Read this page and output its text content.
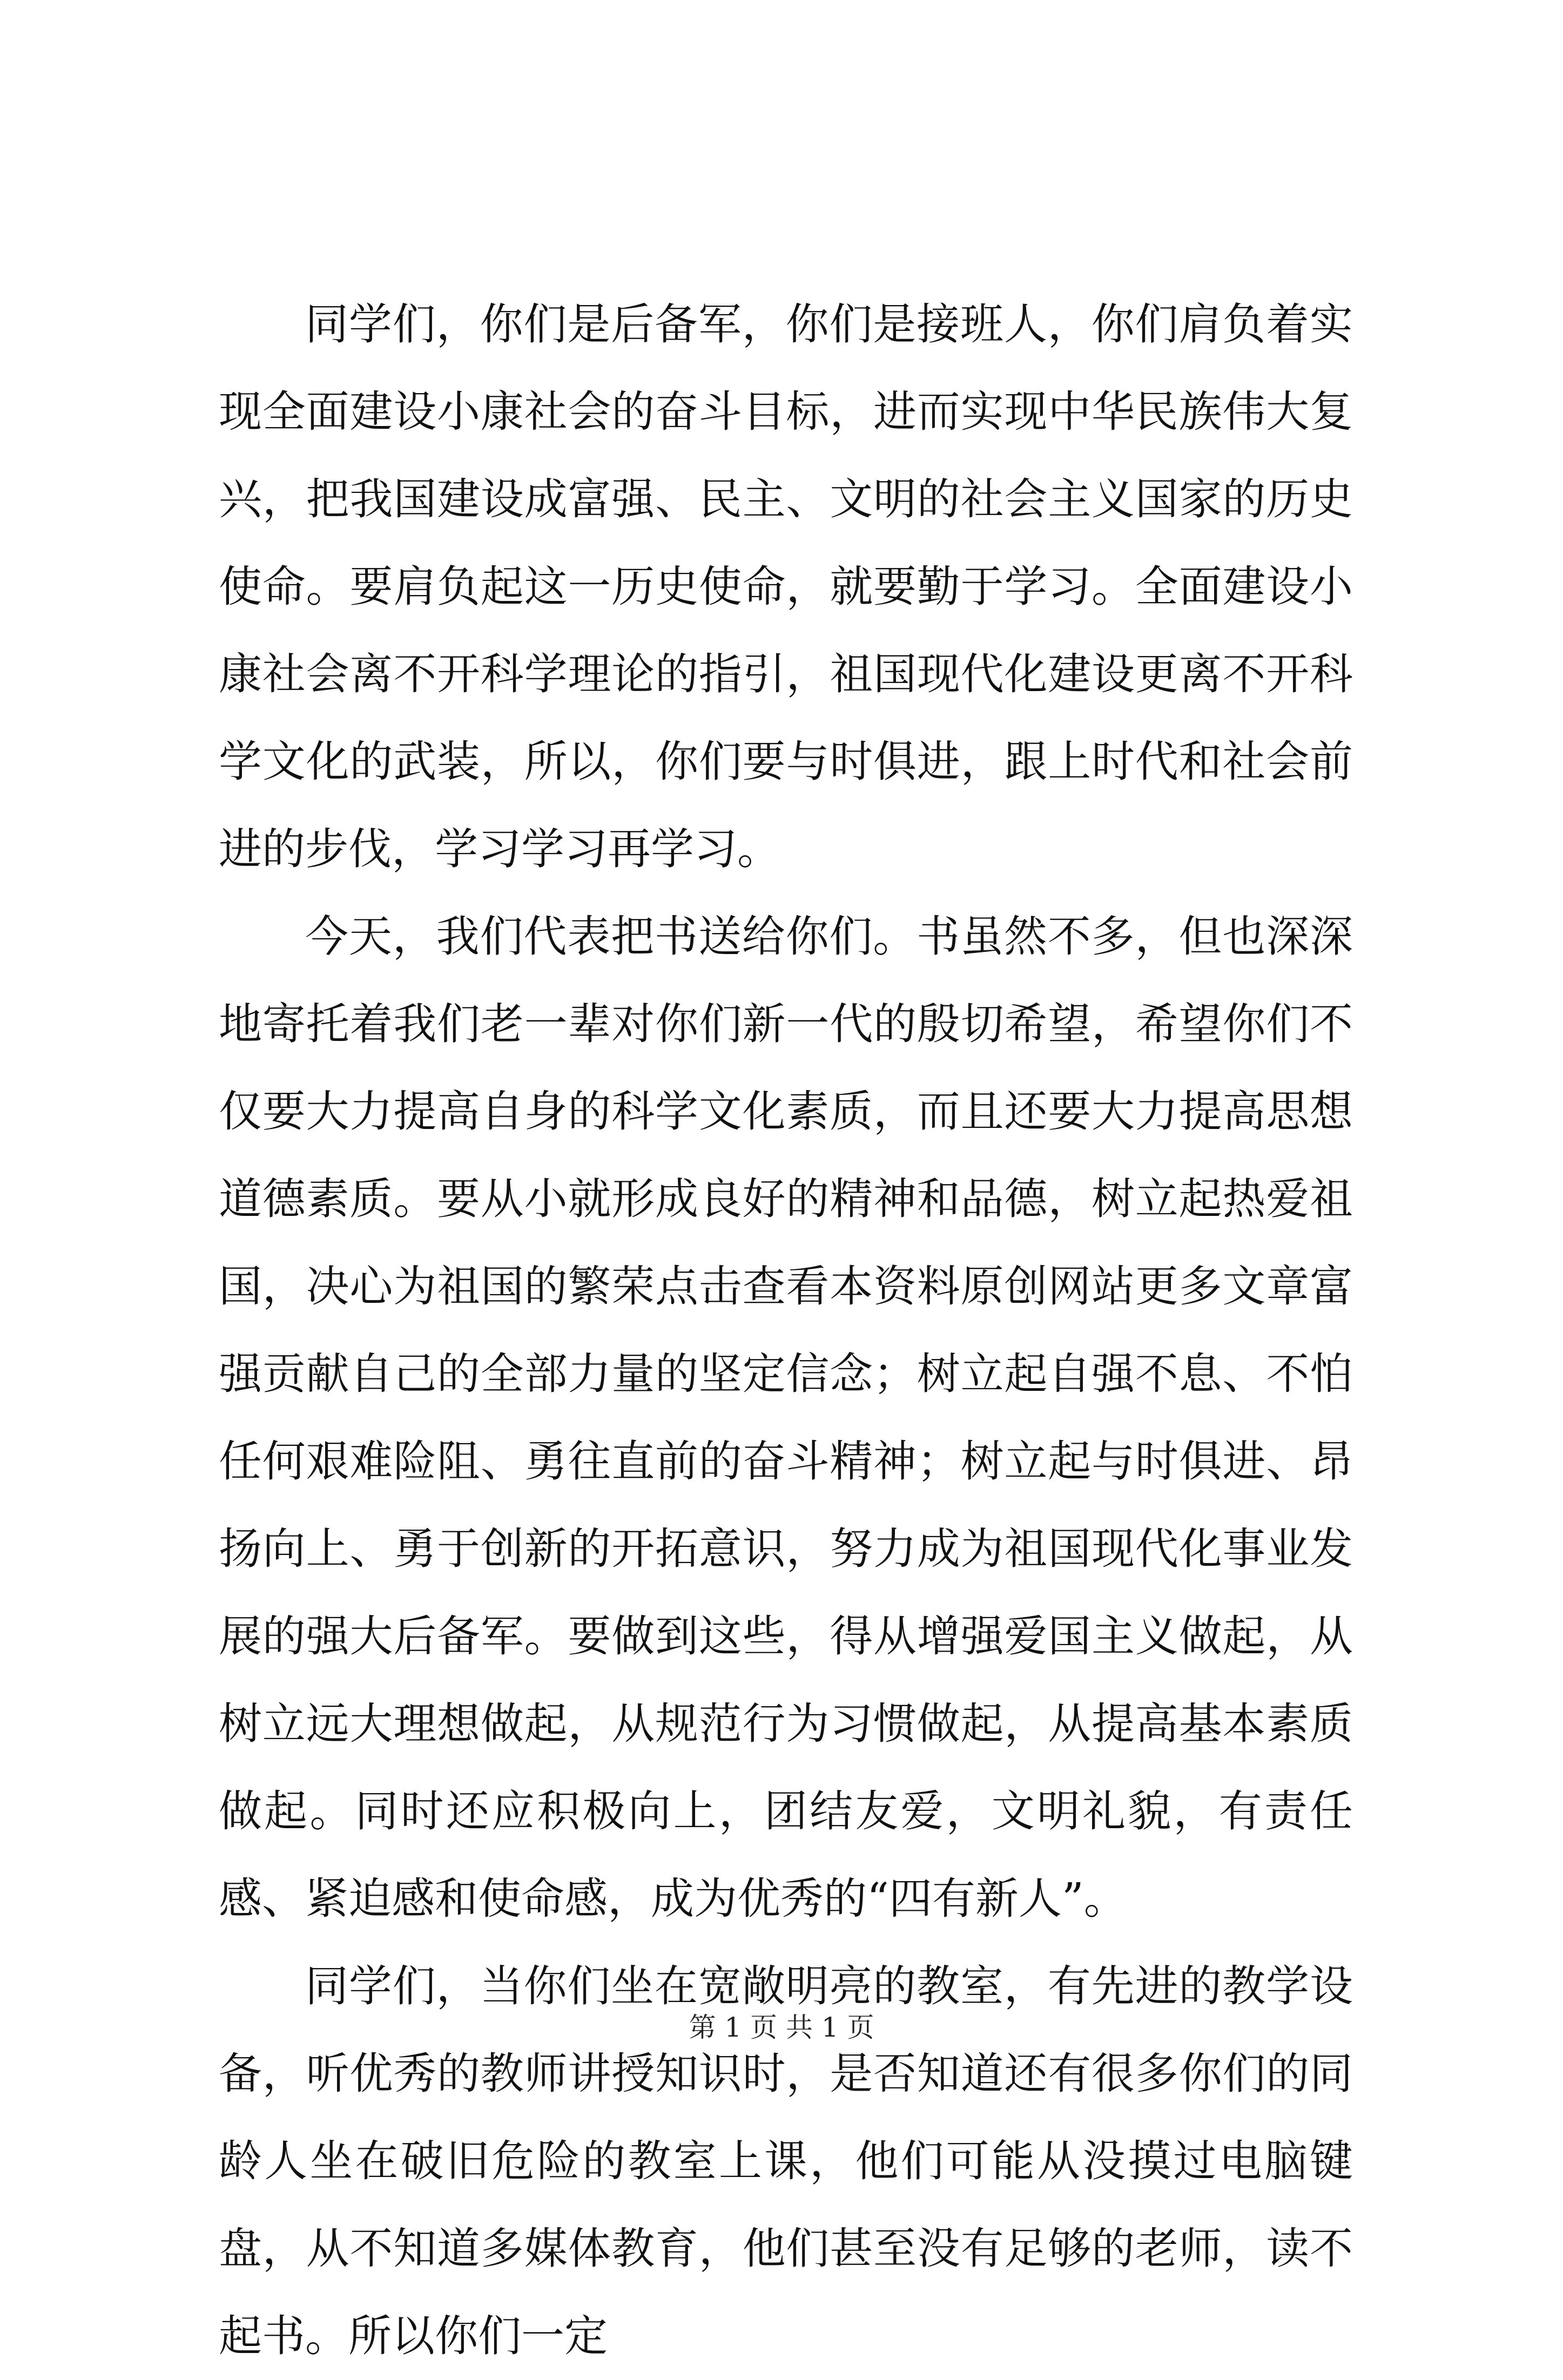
同学们，你们是后备军，你们是接班人，你们肩负着实现全面建设小康社会的奋斗目标，进而实现中华民族伟大复兴，把我国建设成富强、民主、文明的社会主义国家的历史使命。要肩负起这一历史使命，就要勤于学习。全面建设小康社会离不开科学理论的指引，祖国现代化建设更离不开科学文化的武装，所以，你们要与时俱进，跟上时代和社会前进的步伐，学习学习再学习。

今天，我们代表把书送给你们。书虽然不多，但也深深地寄托着我们老一辈对你们新一代的殷切希望，希望你们不仅要大力提高自身的科学文化素质，而且还要大力提高思想道德素质。要从小就形成良好的精神和品德，树立起热爱祖国，决心为祖国的繁荣点击查看本资料原创网站更多文章富强贡献自己的全部力量的坚定信念；树立起自强不息、不怕任何艰难险阻、勇往直前的奋斗精神；树立起与时俱进、昂扬向上、勇于创新的开拓意识，努力成为祖国现代化事业发展的强大后备军。要做到这些，得从增强爱国主义做起，从树立远大理想做起，从规范行为习惯做起，从提高基本素质做起。同时还应积极向上，团结友爱，文明礼貌，有责任感、紧迫感和使命感，成为优秀的“四有新人”。

同学们，当你们坐在宽敞明亮的教室，有先进的教学设备，听优秀的教师讲授知识时，是否知道还有很多你们的同龄人坐在破旧危险的教室上课，他们可能从没摸过电脑键盘，从不知道多媒体教育，他们甚至没有足够的老师，读不起书。所以你们一定

第 1 页 共 1 页
